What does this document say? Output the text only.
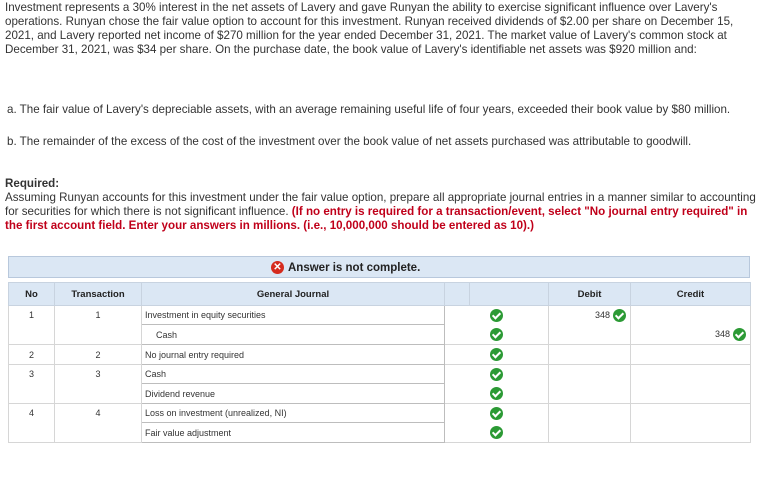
Investment represents a 30% interest in the net assets of Lavery and gave Runyan the ability to exercise significant influence over Lavery's operations. Runyan chose the fair value option to account for this investment. Runyan received dividends of $2.00 per share on December 15, 2021, and Lavery reported net income of $270 million for the year ended December 31, 2021. The market value of Lavery's common stock at December 31, 2021, was $34 per share. On the purchase date, the book value of Lavery's identifiable net assets was $920 million and:

a. The fair value of Lavery's depreciable assets, with an average remaining useful life of four years, exceeded their book value by $80 million.

b. The remainder of the excess of the cost of the investment over the book value of net assets purchased was attributable to goodwill.

Required:

Assuming Runyan accounts for this investment under the fair value option, prepare all appropriate journal entries in a manner similar to accounting for securities for which there is not significant influence. (If no entry is required for a transaction/event, select "No journal entry required" in the first account field. Enter your answers in millions. (i.e., 10,000,000 should be entered as 10).)

✕ Answer is not complete.
No	Transaction	General Journal			Debit	Credit
1	1	Investment in equity securities			348	

		Cash				348

2	2	No journal entry required				
3	3	Cash				
		Dividend revenue				
4	4	Loss on investment (unrealized, NI)				
		Fair value adjustment				
